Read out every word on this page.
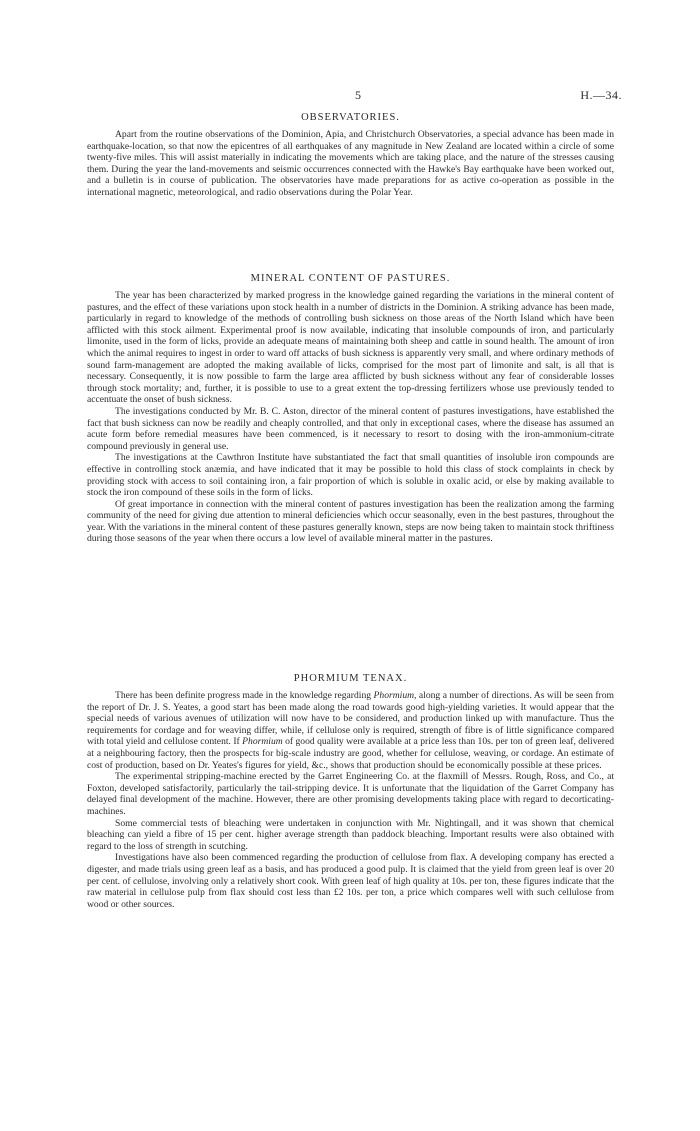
5	H.—34.
OBSERVATORIES.

Apart from the routine observations of the Dominion, Apia, and Christchurch Observatories, a special advance has been made in earthquake-location, so that now the epicentres of all earthquakes of any magnitude in New Zealand are located within a circle of some twenty-five miles. This will assist materially in indicating the movements which are taking place, and the nature of the stresses causing them. During the year the land-movements and seismic occurrences connected with the Hawke's Bay earthquake have been worked out, and a bulletin is in course of publication. The observatories have made preparations for as active co-operation as possible in the international magnetic, meteorological, and radio observations during the Polar Year.

MINERAL CONTENT OF PASTURES.

The year has been characterized by marked progress in the knowledge gained regarding the variations in the mineral content of pastures, and the effect of these variations upon stock health in a number of districts in the Dominion. A striking advance has been made, particularly in regard to knowledge of the methods of controlling bush sickness on those areas of the North Island which have been afflicted with this stock ailment. Experimental proof is now available, indicating that insoluble compounds of iron, and particularly limonite, used in the form of licks, provide an adequate means of maintaining both sheep and cattle in sound health. The amount of iron which the animal requires to ingest in order to ward off attacks of bush sickness is apparently very small, and where ordinary methods of sound farm-management are adopted the making available of licks, comprised for the most part of limonite and salt, is all that is necessary. Consequently, it is now possible to farm the large area afflicted by bush sickness without any fear of considerable losses through stock mortality; and, further, it is possible to use to a great extent the top-dressing fertilizers whose use previously tended to accentuate the onset of bush sickness.

The investigations conducted by Mr. B. C. Aston, director of the mineral content of pastures investigations, have established the fact that bush sickness can now be readily and cheaply controlled, and that only in exceptional cases, where the disease has assumed an acute form before remedial measures have been commenced, is it necessary to resort to dosing with the iron-ammonium-citrate compound previously in general use.

The investigations at the Cawthron Institute have substantiated the fact that small quantities of insoluble iron compounds are effective in controlling stock anæmia, and have indicated that it may be possible to hold this class of stock complaints in check by providing stock with access to soil containing iron, a fair proportion of which is soluble in oxalic acid, or else by making available to stock the iron compound of these soils in the form of licks.

Of great importance in connection with the mineral content of pastures investigation has been the realization among the farming community of the need for giving due attention to mineral deficiencies which occur seasonally, even in the best pastures, throughout the year. With the variations in the mineral content of these pastures generally known, steps are now being taken to maintain stock thriftiness during those seasons of the year when there occurs a low level of available mineral matter in the pastures.

PHORMIUM TENAX.

There has been definite progress made in the knowledge regarding Phormium, along a number of directions. As will be seen from the report of Dr. J. S. Yeates, a good start has been made along the road towards good high-yielding varieties. It would appear that the special needs of various avenues of utilization will now have to be considered, and production linked up with manufacture. Thus the requirements for cordage and for weaving differ, while, if cellulose only is required, strength of fibre is of little significance compared with total yield and cellulose content. If Phormium of good quality were available at a price less than 10s. per ton of green leaf, delivered at a neighbouring factory, then the prospects for big-scale industry are good, whether for cellulose, weaving, or cordage. An estimate of cost of production, based on Dr. Yeates's figures for yield, &c., shows that production should be economically possible at these prices.

The experimental stripping-machine erected by the Garret Engineering Co. at the flaxmill of Messrs. Rough, Ross, and Co., at Foxton, developed satisfactorily, particularly the tail-stripping device. It is unfortunate that the liquidation of the Garret Company has delayed final development of the machine. However, there are other promising developments taking place with regard to decorticating-machines.

Some commercial tests of bleaching were undertaken in conjunction with Mr. Nightingall, and it was shown that chemical bleaching can yield a fibre of 15 per cent. higher average strength than paddock bleaching. Important results were also obtained with regard to the loss of strength in scutching.

Investigations have also been commenced regarding the production of cellulose from flax. A developing company has erected a digester, and made trials using green leaf as a basis, and has produced a good pulp. It is claimed that the yield from green leaf is over 20 per cent. of cellulose, involving only a relatively short cook. With green leaf of high quality at 10s. per ton, these figures indicate that the raw material in cellulose pulp from flax should cost less than £2 10s. per ton, a price which compares well with such cellulose from wood or other sources.
